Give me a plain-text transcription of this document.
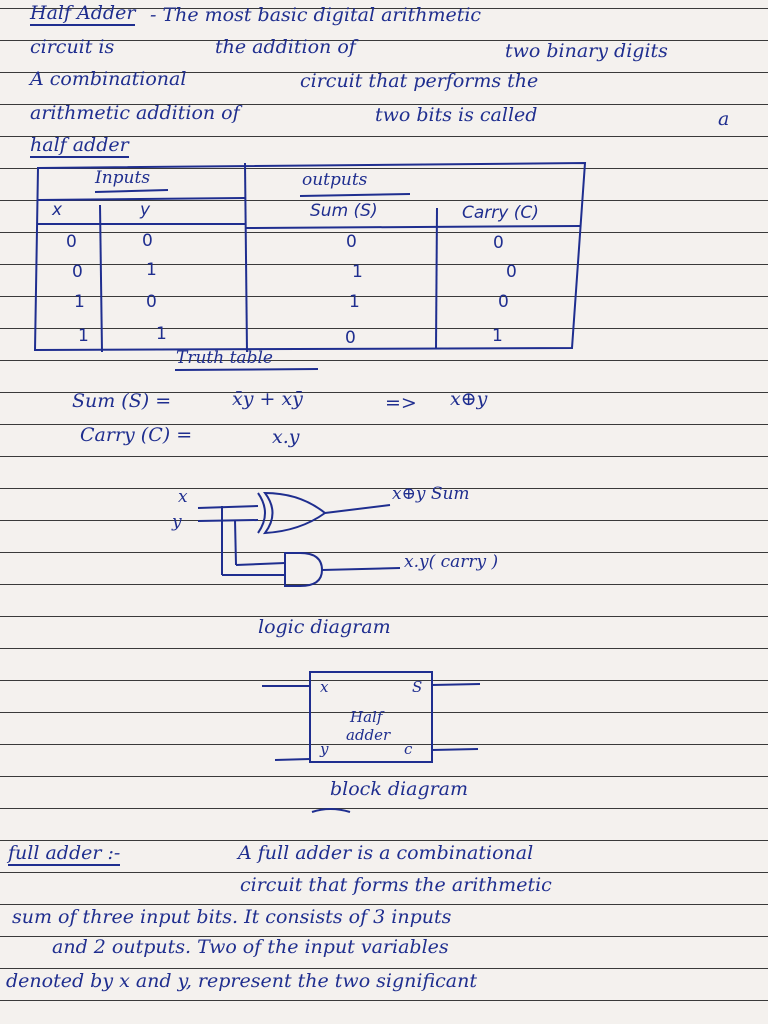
Half Adder - The most basic digital arithmetic
circuit is	the addition of	two binary digits
A combinational	circuit that performs the
arithmetic addition of	two bits is called	a
half adder
Inputs	outputs
x	y	Sum (S)	Carry (C)
0	0	0	0
0	1	1	0
1	0	1	0
1	1	0	1
Truth table
Sum (S) =	x̄y + xȳ	=> x⊕y
Carry (C) =	x.y
x
y
x⊕y Sum
x.y( carry )
logic diagram
x	S
Half
adder
y	c
block diagram
full adder :-	A full adder is a combinational
circuit that forms the arithmetic
sum of three input bits. It consists of 3 inputs
and 2 outputs. Two of the input variables
denoted by x and y, represent the two significant
